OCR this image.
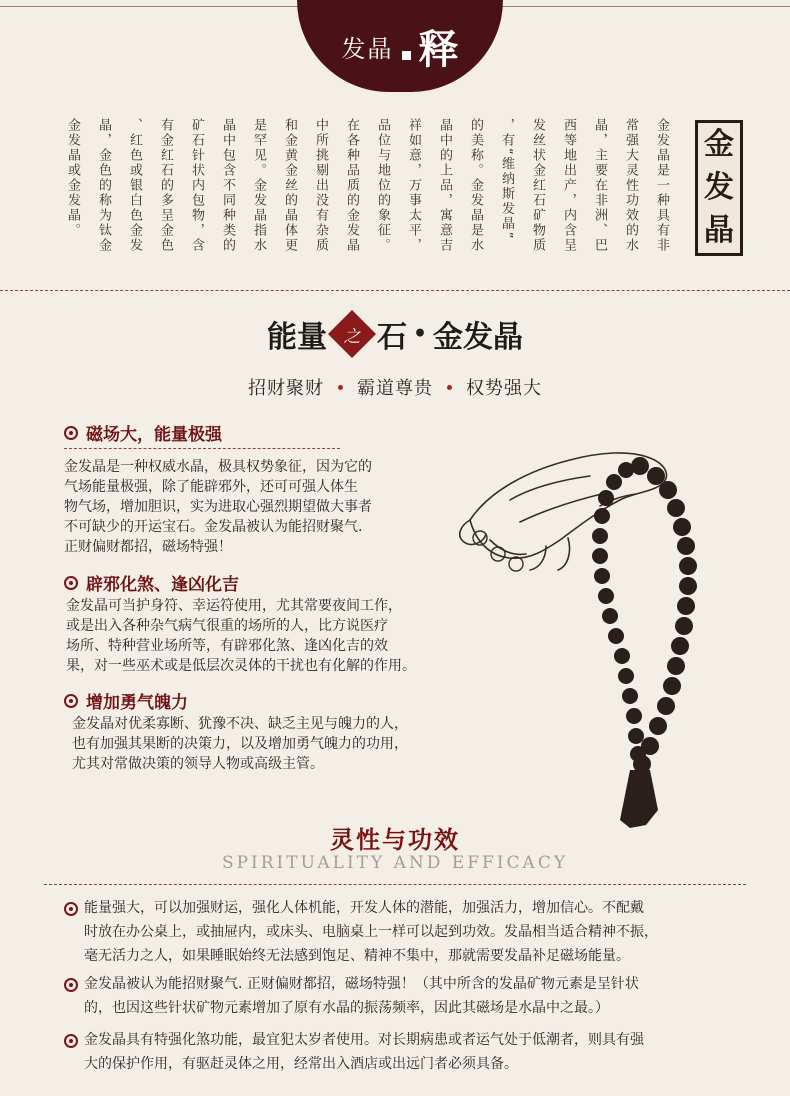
发晶 释
金发晶是一种具有非
常强大灵性功效的水
晶，主要在非洲、巴
西等地出产，内含呈
发丝状金红石矿物质
，有“维纳斯发晶”
的美称。金发晶是水
晶中的上品，寓意吉
祥如意，万事太平，
品位与地位的象征。
在各种品质的金发晶
中所挑剔出没有杂质
和金黄金丝的晶体更
是罕见。金发晶指水
晶中包含不同种类的
矿石针状内包物，含
有金红石的多呈金色
、红色或银白色金发
晶，金色的称为钛金
金发晶或金发晶。	金
发
晶
能量 之 石 • 金发晶
招财聚财 霸道尊贵 权势强大
磁场大，能量极强
金发晶是一种权威水晶，极具权势象征，因为它的
气场能量极强，除了能辟邪外，还可可强人体生
物气场，增加胆识，实为进取心强烈期望做大事者
不可缺少的开运宝石。金发晶被认为能招财聚气.
正财偏财都招，磁场特强！
辟邪化煞、逢凶化吉
金发晶可当护身符、幸运符使用，尤其常要夜间工作，
或是出入各种杂气病气很重的场所的人，比方说医疗
场所、特种营业场所等，有辟邪化煞、逢凶化吉的效
果，对一些巫术或是低层次灵体的干扰也有化解的作用。
增加勇气魄力
金发晶对优柔寡断、犹豫不决、缺乏主见与魄力的人，
也有加强其果断的决策力，以及增加勇气魄力的功用，
尤其对常做决策的领导人物或高级主管。
灵性与功效
SPIRITUALITY AND EFFICACY
能量强大，可以加强财运，强化人体机能，开发人体的潜能，加强活力，增加信心。不配戴
时放在办公桌上，或抽屉内，或床头、电脑桌上一样可以起到功效。发晶相当适合精神不振，
毫无活力之人，如果睡眠始终无法感到饱足、精神不集中，那就需要发晶补足磁场能量。
金发晶被认为能招财聚气. 正财偏财都招，磁场特强！（其中所含的发晶矿物元素是呈针状
的，也因这些针状矿物元素增加了原有水晶的振荡频率，因此其磁场是水晶中之最。）
金发晶具有特强化煞功能，最宜犯太岁者使用。对长期病患或者运气处于低潮者，则具有强
大的保护作用，有驱赶灵体之用，经常出入酒店或出远门者必须具备。
